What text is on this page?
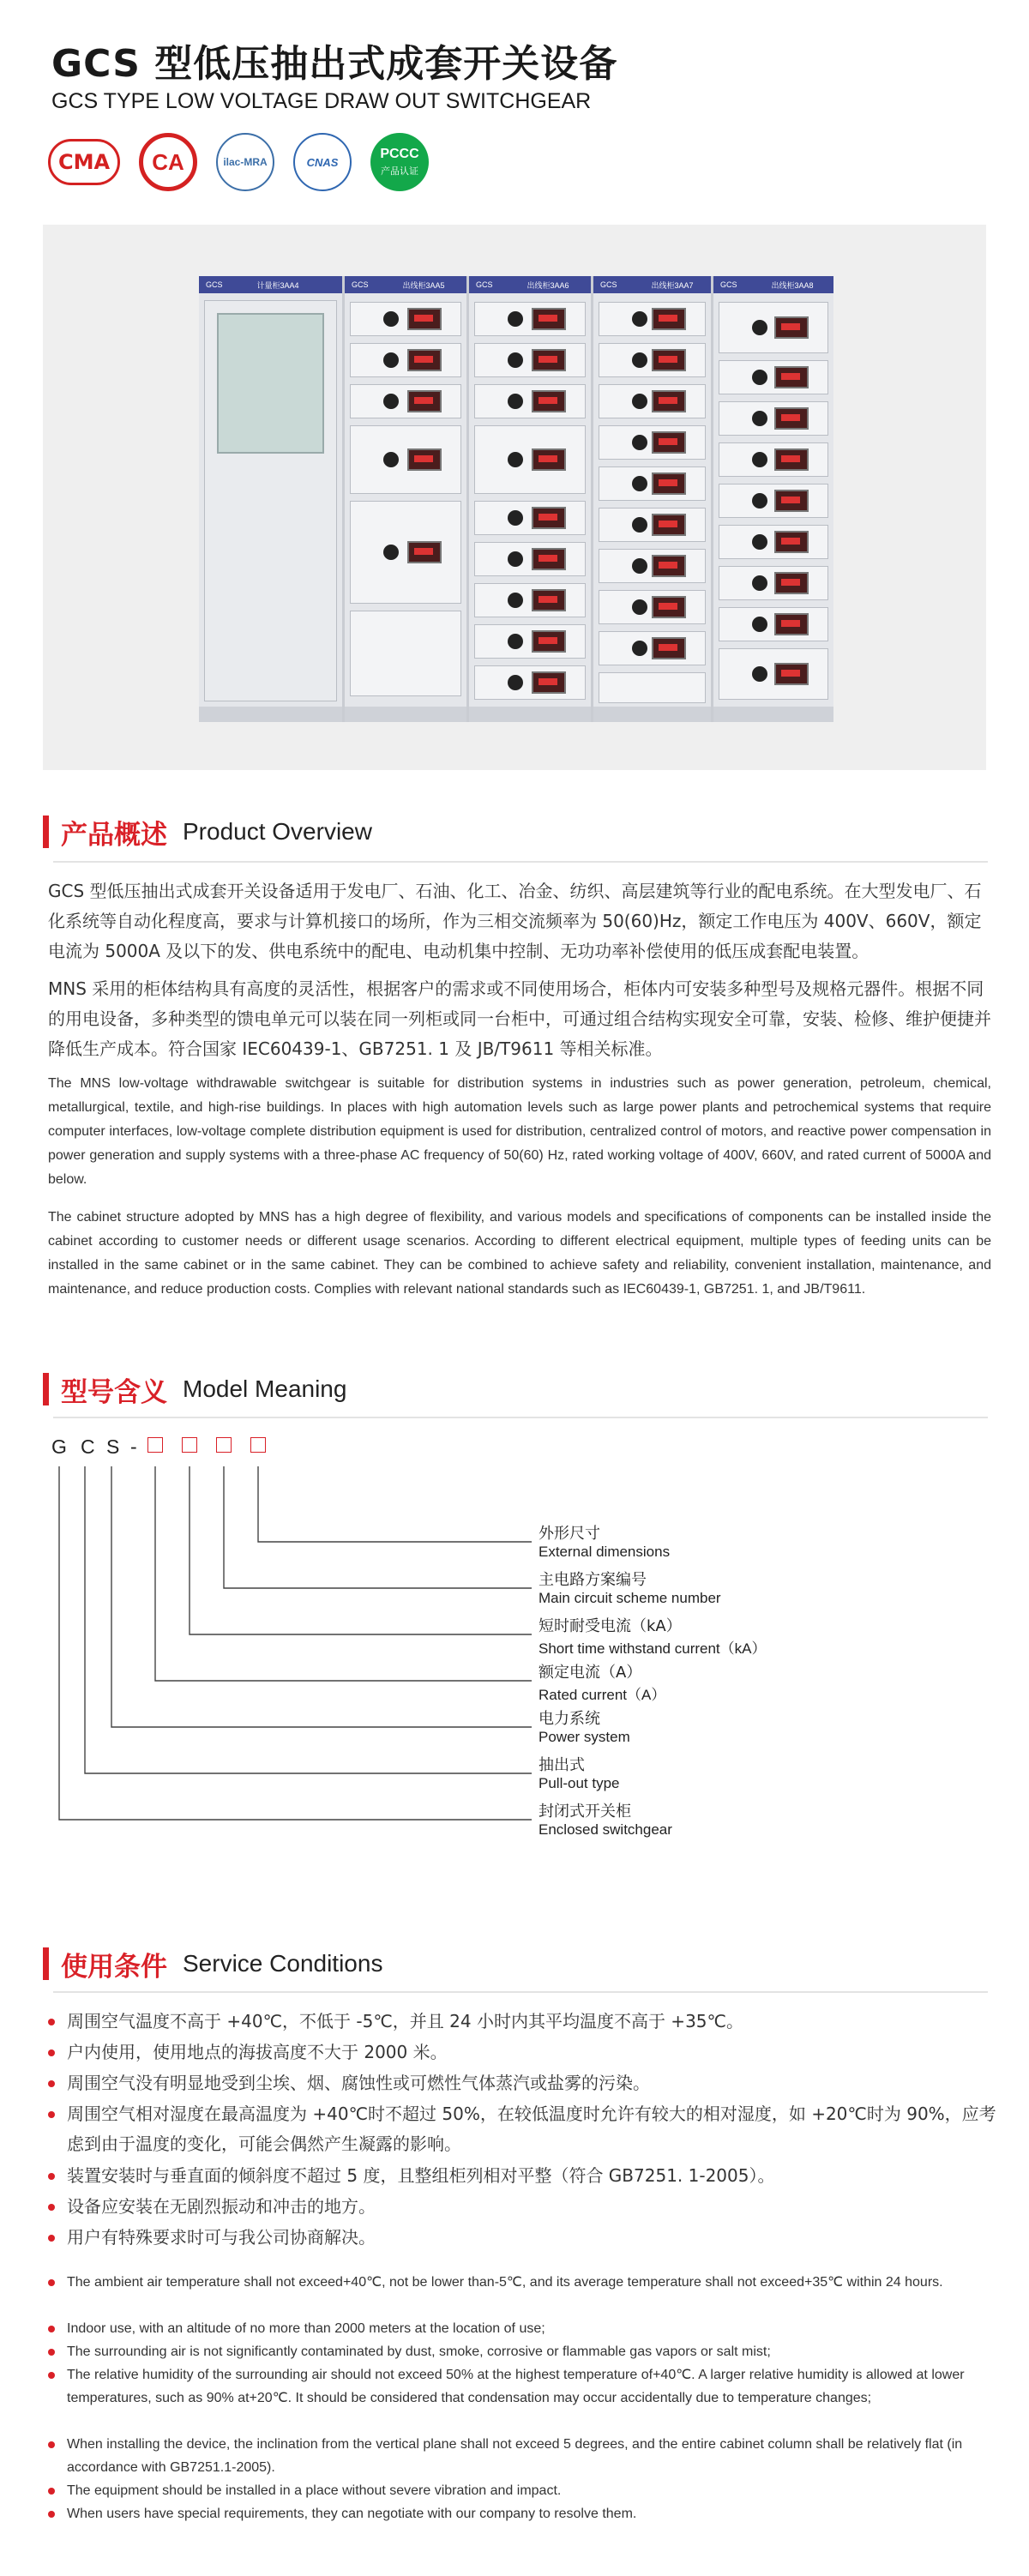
GCS 型低压抽出式成套开关设备
GCS TYPE LOW VOLTAGE DRAW OUT SWITCHGEAR
CMA CA	ilac-MRA	CNAS
PCCC
产品认证
GCS	计量柜3AA4	GCS	出线柜3AA5	GCS	出线柜3AA6	GCS	出线柜3AA7	GCS	出线柜3AA8
产品概述 Product Overview
GCS 型低压抽出式成套开关设备适用于发电厂、石油、化工、冶金、纺织、高层建筑等行业的配电系统。在大型发电厂、石化系统等自动化程度高，要求与计算机接口的场所，作为三相交流频率为 50(60)Hz，额定工作电压为 400V、660V，额定电流为 5000A 及以下的发、供电系统中的配电、电动机集中控制、无功功率补偿使用的低压成套配电装置。
MNS 采用的柜体结构具有高度的灵活性，根据客户的需求或不同使用场合，柜体内可安装多种型号及规格元器件。根据不同的用电设备，多种类型的馈电单元可以装在同一列柜或同一台柜中，可通过组合结构实现安全可靠，安装、检修、维护便捷并降低生产成本。符合国家 IEC60439-1、GB7251. 1 及 JB/T9611 等相关标准。
The MNS low-voltage withdrawable switchgear is suitable for distribution systems in industries such as power generation, petroleum, chemical, metallurgical, textile, and high-rise buildings. In places with high automation levels such as large power plants and petrochemical systems that require computer interfaces, low-voltage complete distribution equipment is used for distribution, centralized control of motors, and reactive power compensation in power generation and supply systems with a three-phase AC frequency of 50(60) Hz, rated working voltage of 400V, 660V, and rated current of 5000A and below.
The cabinet structure adopted by MNS has a high degree of flexibility, and various models and specifications of components can be installed inside the cabinet according to customer needs or different usage scenarios. According to different electrical equipment, multiple types of feeding units can be installed in the same cabinet or in the same cabinet. They can be combined to achieve safety and reliability, convenient installation, maintenance, and maintenance, and reduce production costs. Complies with relevant national standards such as IEC60439-1, GB7251. 1, and JB/T9611.
型号含义 Model Meaning
G C S -
外形尺寸
External dimensions
主电路方案编号
Main circuit scheme number
短时耐受电流（kA）
Short time withstand current（kA）
额定电流（A）
Rated current（A）
电力系统
Power system
抽出式
Pull-out type
封闭式开关柜
Enclosed switchgear
使用条件 Service Conditions
周围空气温度不高于 +40℃，不低于 -5℃，并且 24 小时内其平均温度不高于 +35℃。
户内使用，使用地点的海拔高度不大于 2000 米。
周围空气没有明显地受到尘埃、烟、腐蚀性或可燃性气体蒸汽或盐雾的污染。
周围空气相对湿度在最高温度为 +40℃时不超过 50%，在较低温度时允许有较大的相对湿度，如 +20℃时为 90%，应考虑到由于温度的变化，可能会偶然产生凝露的影响。
装置安装时与垂直面的倾斜度不超过 5 度，且整组柜列相对平整（符合 GB7251. 1-2005）。
设备应安装在无剧烈振动和冲击的地方。
用户有特殊要求时可与我公司协商解决。
The ambient air temperature shall not exceed+40℃, not be lower than-5℃, and its average temperature shall not exceed+35℃ within 24 hours.
Indoor use, with an altitude of no more than 2000 meters at the location of use;
The surrounding air is not significantly contaminated by dust, smoke, corrosive or flammable gas vapors or salt mist;
The relative humidity of the surrounding air should not exceed 50% at the highest temperature of+40℃. A larger relative humidity is allowed at lower temperatures, such as 90% at+20℃. It should be considered that condensation may occur accidentally due to temperature changes;
When installing the device, the inclination from the vertical plane shall not exceed 5 degrees, and the entire cabinet column shall be relatively flat (in accordance with GB7251.1-2005).
The equipment should be installed in a place without severe vibration and impact.
When users have special requirements, they can negotiate with our company to resolve them.
